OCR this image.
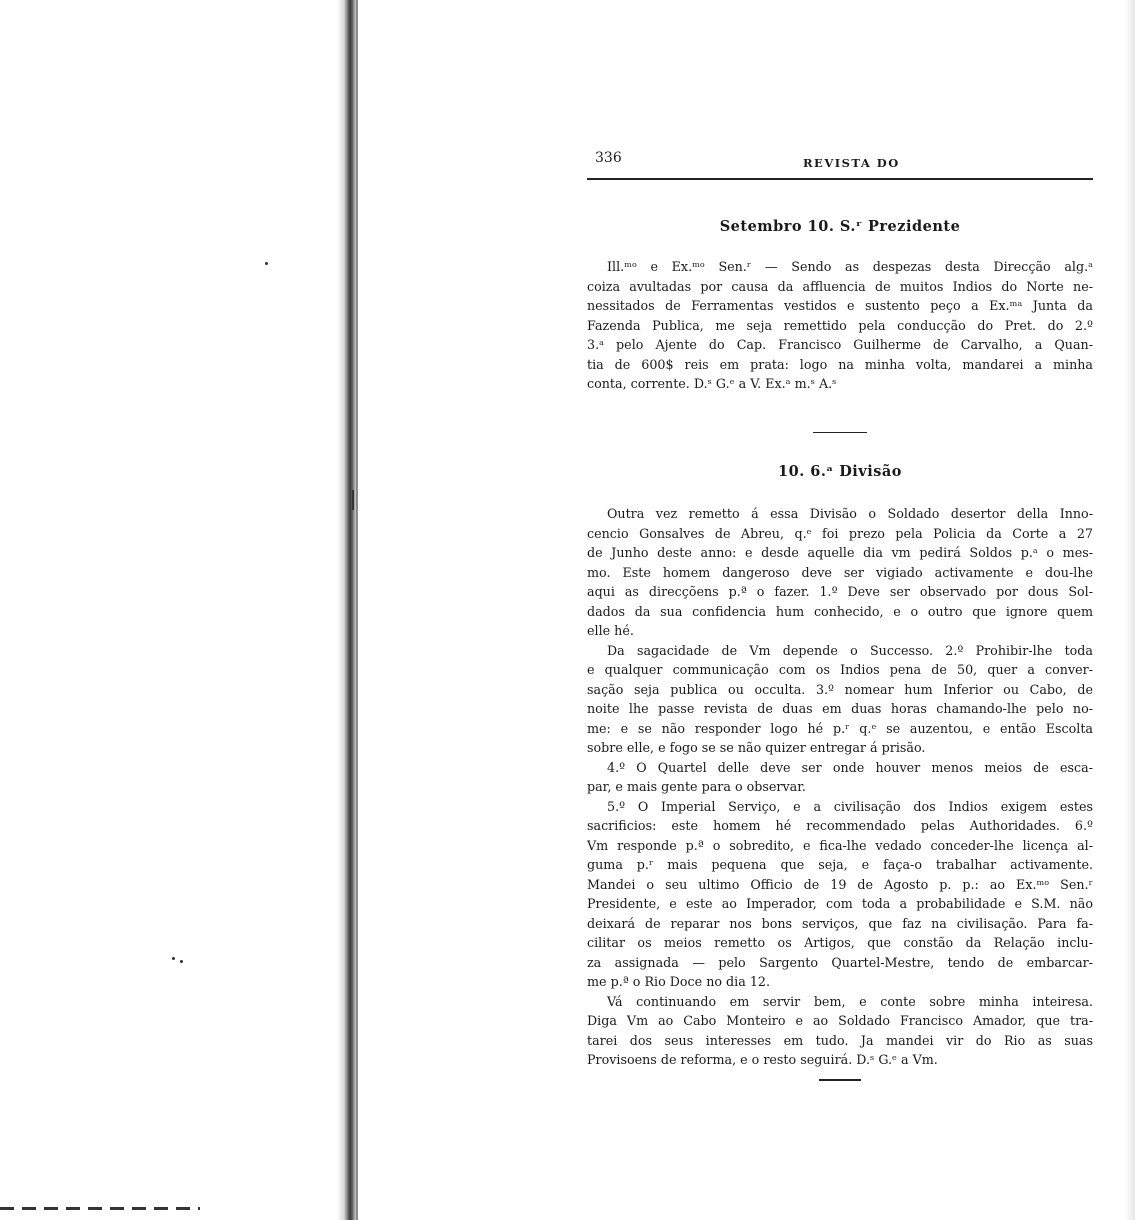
336	REVISTA DO
Setembro 10. S.ʳ Prezidente
Ill.ᵐᵒ e Ex.ᵐᵒ Sen.ʳ — Sendo as despezas desta Direcção alg.ᵃ
coiza avultadas por causa da affluencia de muitos Indios do Norte ne-
nessitados de Ferramentas vestidos e sustento peço a Ex.ᵐᵃ Junta da
Fazenda Publica, me seja remettido pela conducção do Pret. do 2.º
3.ᵃ pelo Ajente do Cap. Francisco Guilherme de Carvalho, a Quan-
tia de 600$ reis em prata: logo na minha volta, mandarei a minha
conta, corrente. D.ˢ G.ᵉ a V. Ex.ᵃ m.ˢ A.ˢ
10. 6.ᵃ Divisão
Outra vez remetto á essa Divisão o Soldado desertor della Inno-
cencio Gonsalves de Abreu, q.ᵉ foi prezo pela Policia da Corte a 27
de Junho deste anno: e desde aquelle dia vm pedirá Soldos p.ᵃ o mes-
mo. Este homem dangeroso deve ser vigiado activamente e dou-lhe
aqui as direcçõens p.ª o fazer. 1.º Deve ser observado por dous Sol-
dados da sua confidencia hum conhecido, e o outro que ignore quem
elle hé.
Da sagacidade de Vm depende o Successo. 2.º Prohibir-lhe toda
e qualquer communicação com os Indios pena de 50, quer a conver-
sação seja publica ou occulta. 3.º nomear hum Inferior ou Cabo, de
noite lhe passe revista de duas em duas horas chamando-lhe pelo no-
me: e se não responder logo hé p.ʳ q.ᵉ se auzentou, e então Escolta
sobre elle, e fogo se se não quizer entregar á prisão.
4.º O Quartel delle deve ser onde houver menos meios de esca-
par, e mais gente para o observar.
5.º O Imperial Serviço, e a civilisação dos Indios exigem estes
sacrificios: este homem hé recommendado pelas Authoridades. 6.º
Vm responde p.ª o sobredito, e fica-lhe vedado conceder-lhe licença al-
guma p.ʳ mais pequena que seja, e faça-o trabalhar activamente.
Mandei o seu ultimo Officio de 19 de Agosto p. p.: ao Ex.ᵐᵒ Sen.ʳ
Presidente, e este ao Imperador, com toda a probabilidade e S.M. não
deixará de reparar nos bons serviços, que faz na civilisação. Para fa-
cilitar os meios remetto os Artigos, que constão da Relação inclu-
za assignada — pelo Sargento Quartel-Mestre, tendo de embarcar-
me p.ª o Rio Doce no dia 12.
Vá continuando em servir bem, e conte sobre minha inteiresa.
Diga Vm ao Cabo Monteiro e ao Soldado Francisco Amador, que tra-
tarei dos seus interesses em tudo. Ja mandei vir do Rio as suas
Provisoens de reforma, e o resto seguirá. D.ˢ G.ᵉ a Vm.
